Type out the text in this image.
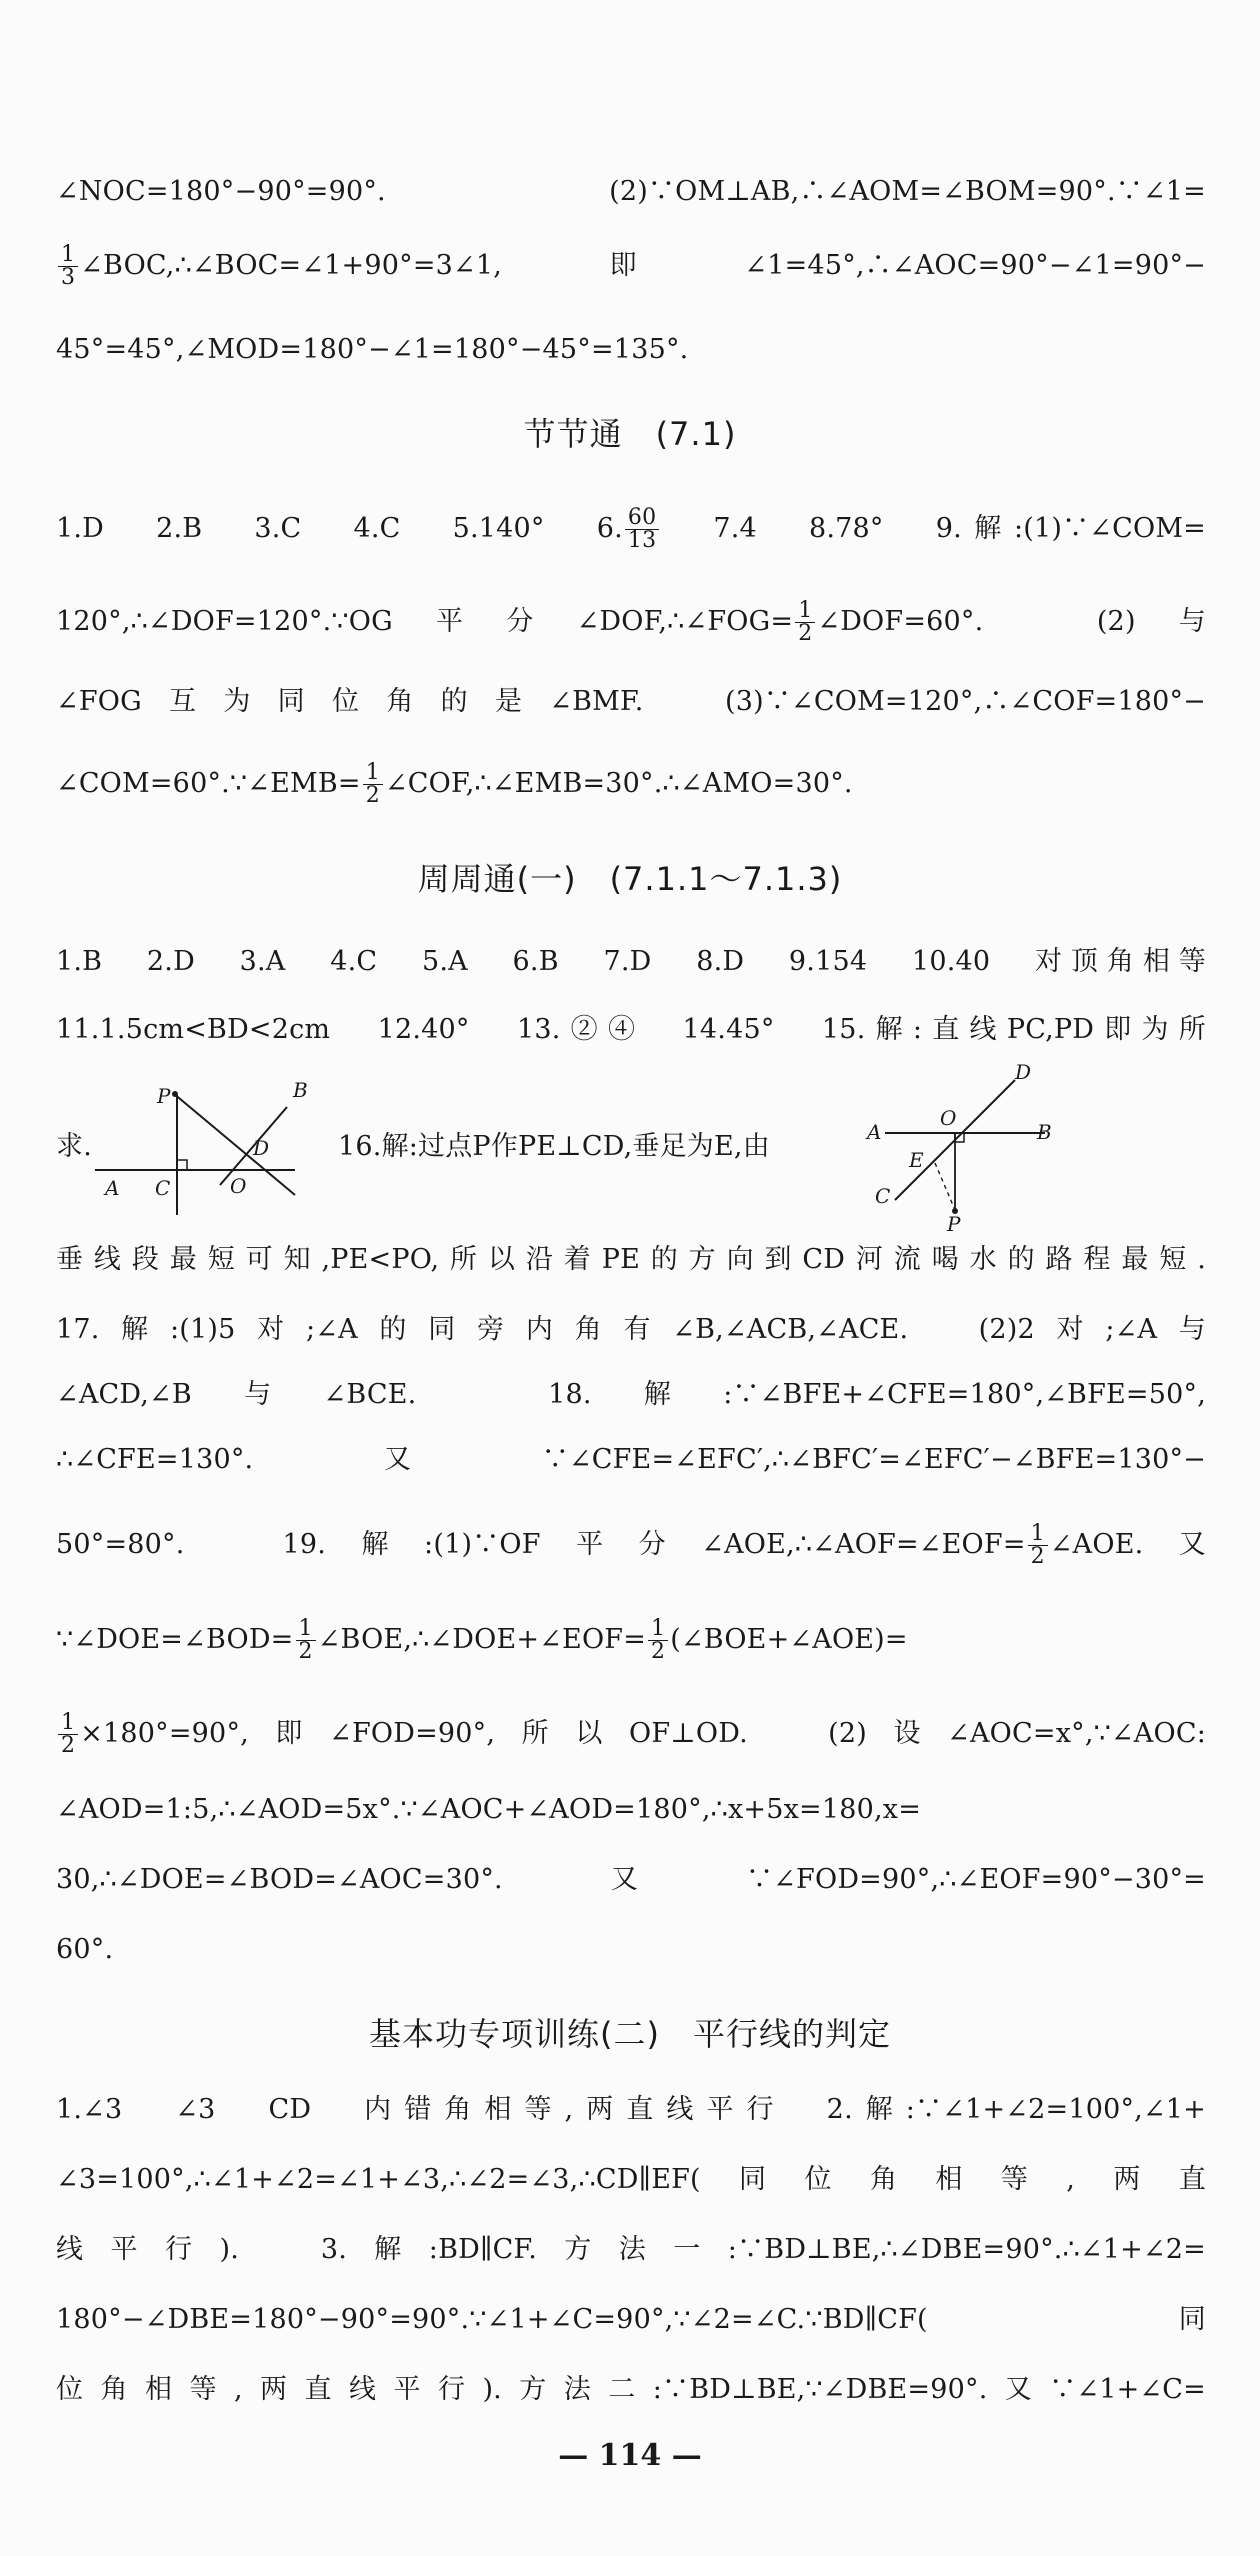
∠NOC=180°−90°=90°.　(2)∵OM⊥AB,∴∠AOM=∠BOM=90°.∵∠1=
$\frac{1}{3}$ ∠BOC,∴∠BOC=∠1+90°=3∠1,即∠1=45°,∴∠AOC=90°−∠1=90°−
45°=45°,∠MOD=180°−∠1=180°−45°=135°.
节节通　(7.1)
1.D　2.B　3.C　4.C　5.140°　6. $\frac{60}{13}$
　 7.4　8.78°　9.解:(1)∵∠COM=
120°,∴∠DOF=120°.∵OG平分∠DOF,∴∠FOG= $\frac{1}{2}$ ∠DOF=60°.　(2)与
∠FOG互为同位角的是∠BMF.　(3)∵∠COM=120°,∴∠COF=180°−
∠COM=60°.∵∠EMB= $\frac{1}{2}$ ∠COF,∴∠EMB=30°.∴∠AMO=30°.
周周通(一)　(7.1.1～7.1.3)
1.B　2.D　3.A　4.C　5.A　6.B　7.D　8.D　9.154　10.40　对顶角相等
11.1.5cm<BD<2cm　12.40°　13.②④　14.45°　15.解:直线PC,PD即为所
求.
P	B
D
A C	O
16.解:过点P作PE⊥CD,垂足为E,由
D
A
O
B
E
C
P
垂线段最短可知,PE<PO,所以沿着PE的方向到CD河流喝水的路程最短.
17.解:(1)5对;∠A的同旁内角有∠B,∠ACB,∠ACE.　(2)2对;∠A与
∠ACD,∠B与∠BCE.　18.解:∵∠BFE+∠CFE=180°,∠BFE=50°,
∴∠CFE=130°.又∵∠CFE=∠EFC′,∴∠BFC′=∠EFC′−∠BFE=130°−
50°=80°.　19.解:(1)∵OF平分∠AOE,∴∠AOF=∠EOF= $\frac{1}{2}$ ∠AOE.又
∵∠DOE=∠BOD= $\frac{1}{2}$ ∠BOE,∴∠DOE+∠EOF= $\frac{1}{2}$ (∠BOE+∠AOE)=
$\frac{1}{2} \times 180^\circ=90^\circ$,即∠FOD=90°,所以OF⊥OD.　(2)设∠AOC=x°,∵∠AOC:
∠AOD=1:5,∴∠AOD=5x°.∵∠AOC+∠AOD=180°,∴x+5x=180,x=
30,∴∠DOE=∠BOD=∠AOC=30°.又∵∠FOD=90°,∴∠EOF=90°−30°=
60°.
基本功专项训练(二)　平行线的判定
1.∠3　∠3　CD　内错角相等,两直线平行　2.解:∵∠1+∠2=100°,∠1+
∠3=100°,∴∠1+∠2=∠1+∠3,∴∠2=∠3,∴CD∥EF(同位角相等,两直
线平行).　3.解:BD∥CF.方法一:∵BD⊥BE,∴∠DBE=90°.∴∠1+∠2=
180°−∠DBE=180°−90°=90°.∵∠1+∠C=90°,∵∠2=∠C.∵BD∥CF(同
位角相等,两直线平行).方法二:∵BD⊥BE,∵∠DBE=90°.又∵∠1+∠C=
— 114 —
